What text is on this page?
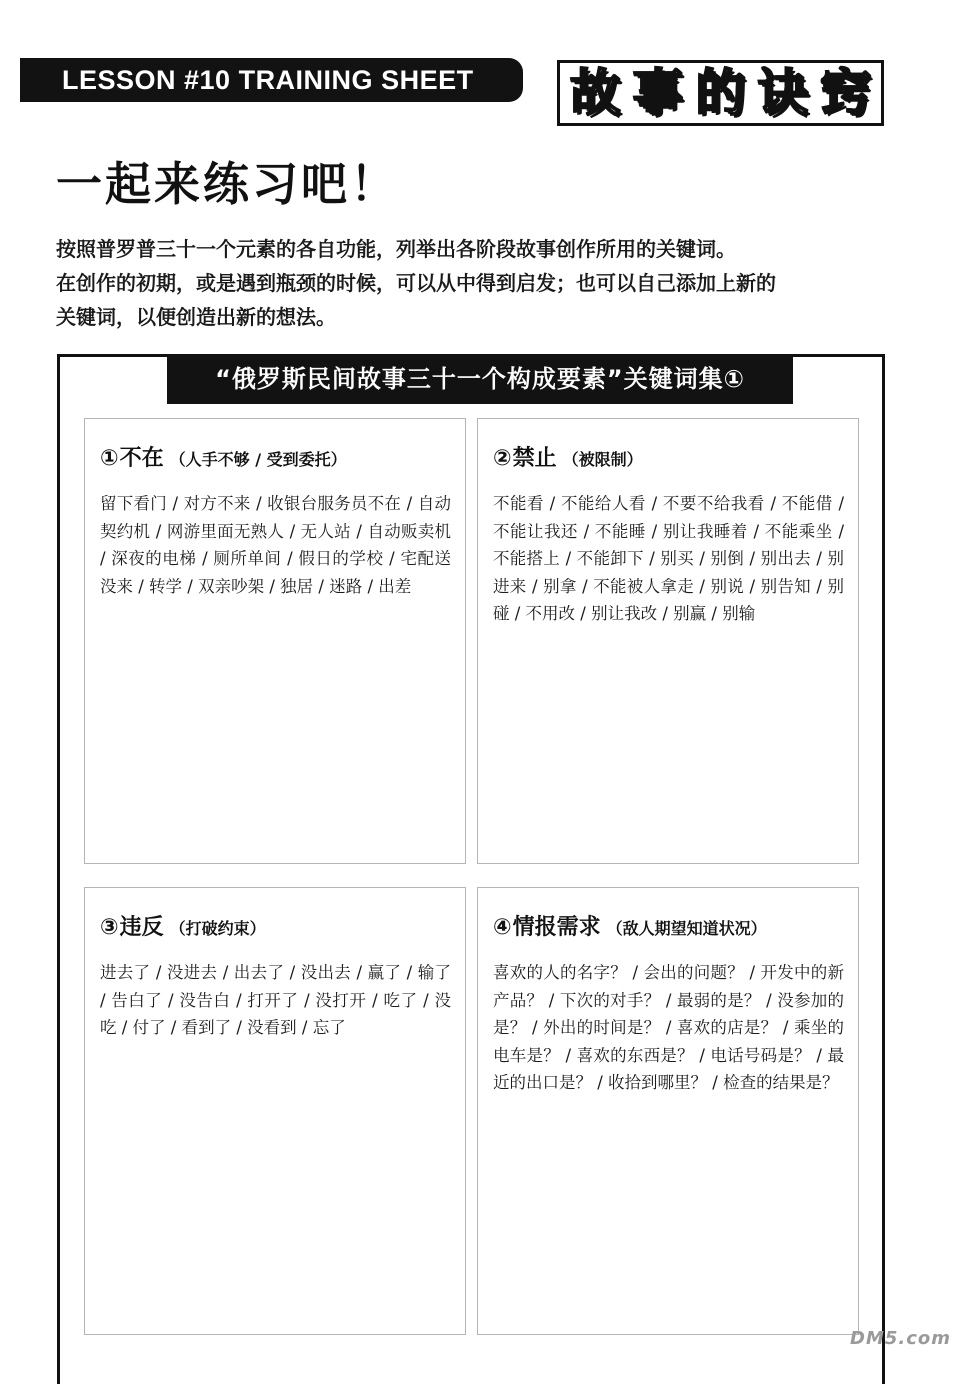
LESSON #10 TRAINING SHEET	故 事 的 诀 窍
一起来练习吧！
按照普罗普三十一个元素的各自功能，列举出各阶段故事创作所用的关键词。
在创作的初期，或是遇到瓶颈的时候，可以从中得到启发；也可以自己添加上新的
关键词，以便创造出新的想法。
“俄罗斯民间故事三十一个构成要素”关键词集①
① 不在 （人手不够 / 受到委托）
留下看门 / 对方不来 / 收银台服务员不在 / 自动契约机 / 网游里面无熟人 / 无人站 / 自动贩卖机 / 深夜的电梯 / 厕所单间 / 假日的学校 / 宅配送没来 / 转学 / 双亲吵架 / 独居 / 迷路 / 出差
② 禁止 （被限制）
不能看 / 不能给人看 / 不要不给我看 / 不能借 / 不能让我还 / 不能睡 / 别让我睡着 / 不能乘坐 / 不能搭上 / 不能卸下 / 别买 / 别倒 / 别出去 / 别进来 / 别拿 / 不能被人拿走 / 别说 / 别告知 / 别碰 / 不用改 / 别让我改 / 别赢 / 别输
③ 违反 （打破约束）
进去了 / 没进去 / 出去了 / 没出去 / 赢了 / 输了 / 告白了 / 没告白 / 打开了 / 没打开 / 吃了 / 没吃 / 付了 / 看到了 / 没看到 / 忘了
④ 情报需求 （敌人期望知道状况）
喜欢的人的名字？ / 会出的问题？ / 开发中的新产品？ / 下次的对手？ / 最弱的是？ / 没参加的是？ / 外出的时间是？ / 喜欢的店是？ / 乘坐的电车是？ / 喜欢的东西是？ / 电话号码是？ / 最近的出口是？ / 收拾到哪里？ / 检查的结果是？
DM5.com
